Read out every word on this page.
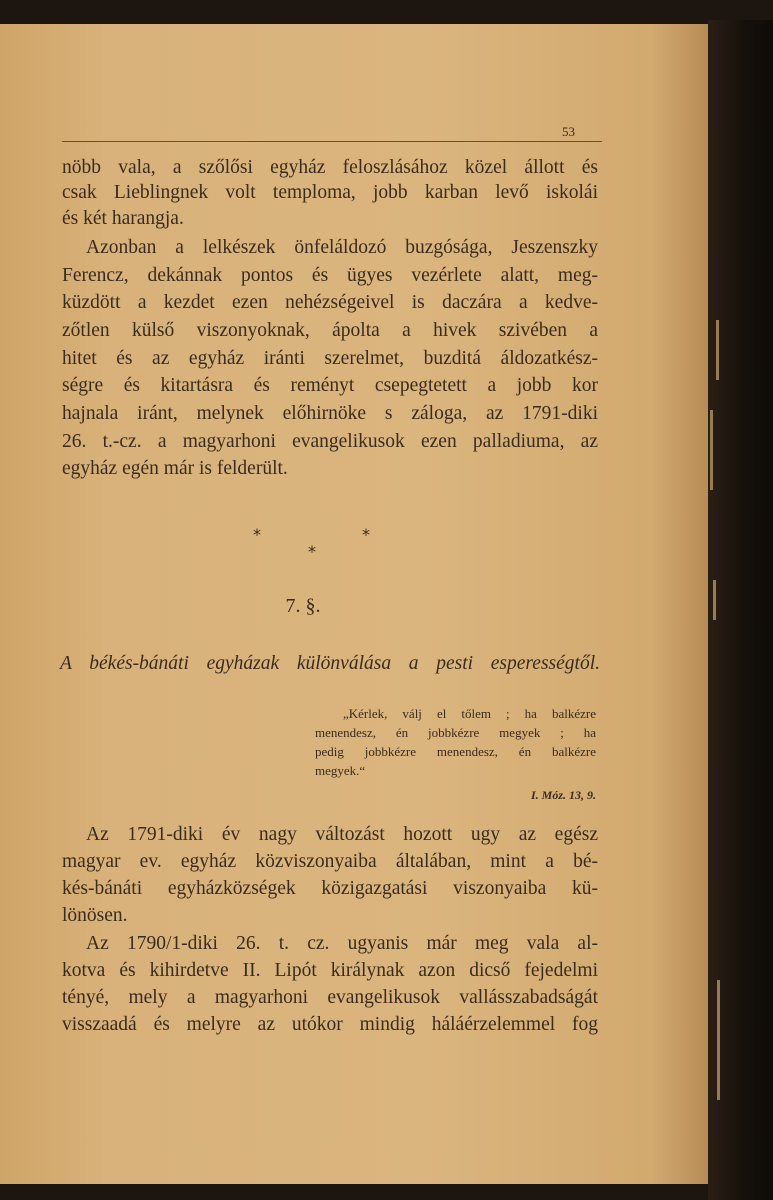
53
nöbb vala, a szőlősi egyház feloszlásához közel állott és
csak Lieblingnek volt temploma, jobb karban levő iskolái
és két harangja.
Azonban a lelkészek önfeláldozó buzgósága, Jeszenszky
Ferencz, dekánnak pontos és ügyes vezérlete alatt, meg-
küzdött a kezdet ezen nehézségeivel is daczára a kedve-
zőtlen külső viszonyoknak, ápolta a hivek szivében a
hitet és az egyház iránti szerelmet, buzditá áldozatkész-
ségre és kitartásra és reményt csepegtetett a jobb kor
hajnala iránt, melynek előhirnöke s záloga, az 1791-diki
26. t.-cz. a magyarhoni evangelikusok ezen palladiuma, az
egyház egén már is felderült.
*	*
*
7. §.
A békés-bánáti egyházak különválása a pesti esperességtől.
„Kérlek, válj el tőlem ; ha balkézre
menendesz, én jobbkézre megyek ; ha
pedig jobbkézre menendesz, én balkézre
megyek.“
I. Móz. 13, 9.
Az 1791-diki év nagy változást hozott ugy az egész
magyar ev. egyház közviszonyaiba általában, mint a bé-
kés-bánáti egyházközségek közigazgatási viszonyaiba kü-
lönösen.
Az 1790/1-diki 26. t. cz. ugyanis már meg vala al-
kotva és kihirdetve II. Lipót királynak azon dicső fejedelmi
tényé, mely a magyarhoni evangelikusok vallásszabadságát
visszaadá és melyre az utókor mindig háláérzelemmel fog
